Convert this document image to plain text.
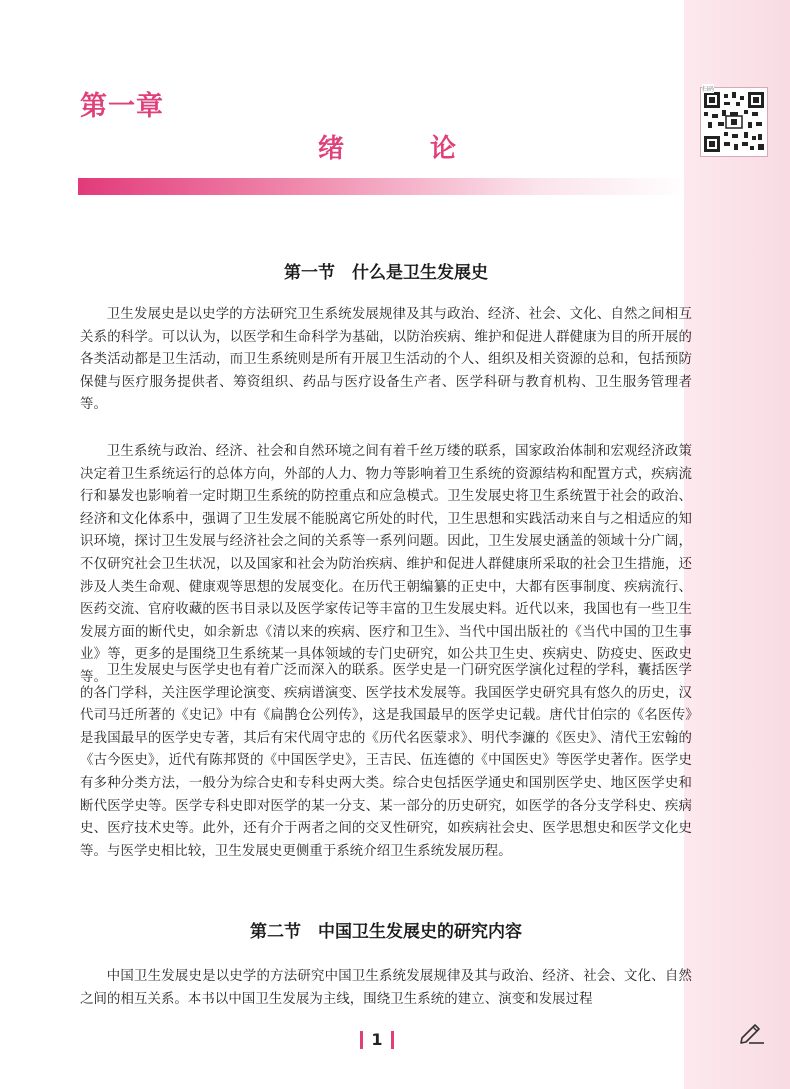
第一章
绪　论
扫码
第一节　什么是卫生发展史

卫生发展史是以史学的方法研究卫生系统发展规律及其与政治、经济、社会、文化、自然之间相互关系的科学。可以认为，以医学和生命科学为基础，以防治疾病、维护和促进人群健康为目的所开展的各类活动都是卫生活动，而卫生系统则是所有开展卫生活动的个人、组织及相关资源的总和，包括预防保健与医疗服务提供者、筹资组织、药品与医疗设备生产者、医学科研与教育机构、卫生服务管理者等。

卫生系统与政治、经济、社会和自然环境之间有着千丝万缕的联系，国家政治体制和宏观经济政策决定着卫生系统运行的总体方向，外部的人力、物力等影响着卫生系统的资源结构和配置方式，疾病流行和暴发也影响着一定时期卫生系统的防控重点和应急模式。卫生发展史将卫生系统置于社会的政治、经济和文化体系中，强调了卫生发展不能脱离它所处的时代，卫生思想和实践活动来自与之相适应的知识环境，探讨卫生发展与经济社会之间的关系等一系列问题。因此，卫生发展史涵盖的领域十分广阔，不仅研究社会卫生状况，以及国家和社会为防治疾病、维护和促进人群健康所采取的社会卫生措施，还涉及人类生命观、健康观等思想的发展变化。在历代王朝编纂的正史中，大都有医事制度、疾病流行、医药交流、官府收藏的医书目录以及医学家传记等丰富的卫生发展史料。近代以来，我国也有一些卫生发展方面的断代史，如余新忠《清以来的疾病、医疗和卫生》、当代中国出版社的《当代中国的卫生事业》等，更多的是围绕卫生系统某一具体领域的专门史研究，如公共卫生史、疾病史、防疫史、医政史等。 卫生发展史与医学史也有着广泛而深入的联系。医学史是一门研究医学演化过程的学科，囊括医学的各门学科，关注医学理论演变、疾病谱演变、医学技术发展等。我国医学史研究具有悠久的历史，汉代司马迁所著的《史记》中有《扁鹊仓公列传》，这是我国最早的医学史记载。唐代甘伯宗的《名医传》是我国最早的医学史专著，其后有宋代周守忠的《历代名医蒙求》、明代李濂的《医史》、清代王宏翰的《古今医史》，近代有陈邦贤的《中国医学史》，王吉民、伍连德的《中国医史》等医学史著作。医学史有多种分类方法，一般分为综合史和专科史两大类。综合史包括医学通史和国别医学史、地区医学史和断代医学史等。医学专科史即对医学的某一分支、某一部分的历史研究，如医学的各分支学科史、疾病史、医疗技术史等。此外，还有介于两者之间的交叉性研究，如疾病社会史、医学思想史和医学文化史等。与医学史相比较，卫生发展史更侧重于系统介绍卫生系统发展历程。

第二节　中国卫生发展史的研究内容

中国卫生发展史是以史学的方法研究中国卫生系统发展规律及其与政治、经济、社会、文化、自然之间的相互关系。本书以中国卫生发展为主线，围绕卫生系统的建立、演变和发展过程

1
